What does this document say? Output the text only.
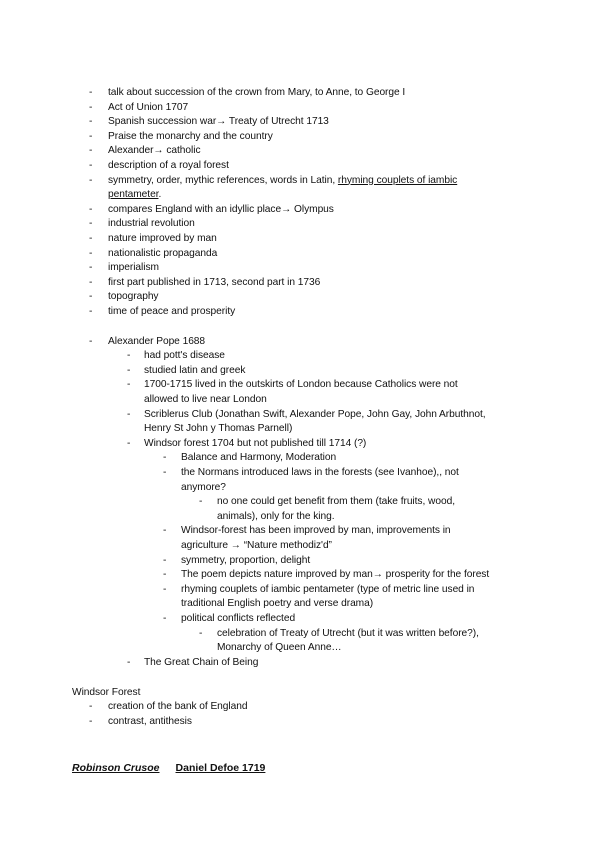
- talk about succession of the crown from Mary, to Anne, to George I
- Act of Union 1707
- Spanish succession war→ Treaty of Utrecht 1713
- Praise the monarchy and the country
- Alexander→ catholic
- description of a royal forest
- symmetry, order, mythic references, words in Latin, rhyming couplets of iambic
pentameter.
- compares England with an idyllic place→ Olympus
- industrial revolution
- nature improved by man
- nationalistic propaganda
- imperialism
- first part published in 1713, second part in 1736
- topography
- time of peace and prosperity
- Alexander Pope 1688
- had pott's disease
- studied latin and greek
- 1700-1715 lived in the outskirts of London because Catholics were not
allowed to live near London
- Scriblerus Club (Jonathan Swift, Alexander Pope, John Gay, John Arbuthnot,
Henry St John y Thomas Parnell)
- Windsor forest 1704 but not published till 1714 (?)
- Balance and Harmony, Moderation
- the Normans introduced laws in the forests (see Ivanhoe),, not
anymore?
- no one could get benefit from them (take fruits, wood,
animals), only for the king.
- Windsor-forest has been improved by man, improvements in
agriculture → “Nature methodiz'd”
- symmetry, proportion, delight
- The poem depicts nature improved by man→ prosperity for the forest
- rhyming couplets of iambic pentameter (type of metric line used in
traditional English poetry and verse drama)
- political conflicts reflected
- celebration of Treaty of Utrecht (but it was written before?),
Monarchy of Queen Anne…
- The Great Chain of Being
Windsor Forest
- creation of the bank of England
- contrast, antithesis
Robinson Crusoe Daniel Defoe 1719
